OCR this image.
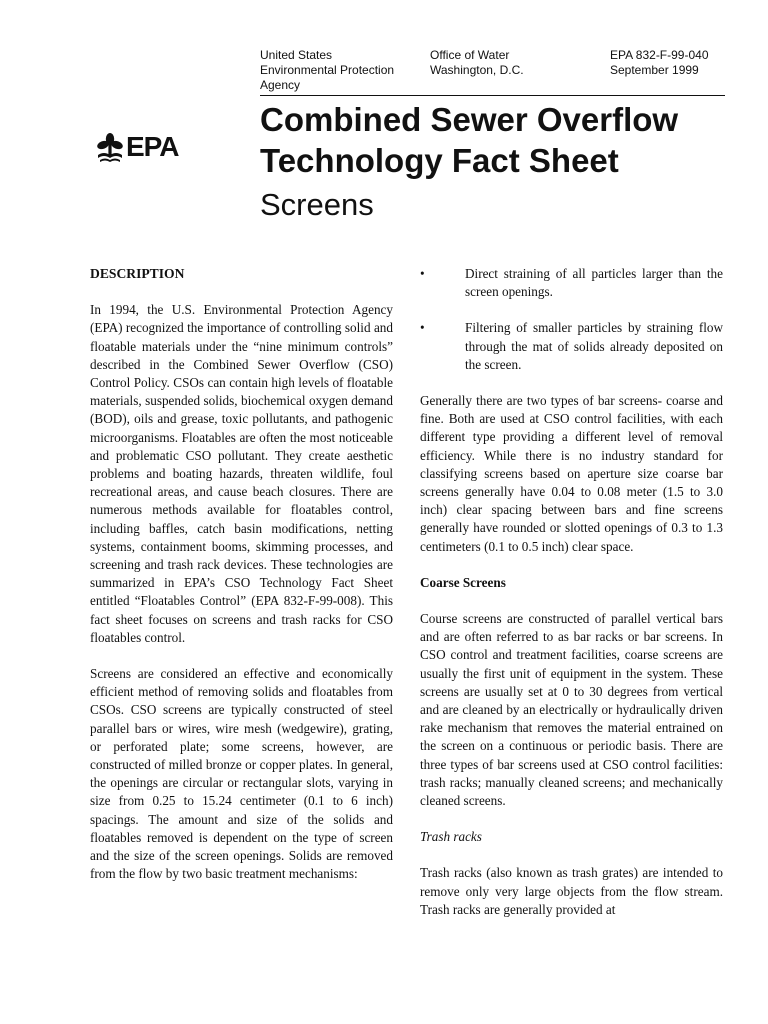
United States
Environmental Protection
Agency
Office of Water
Washington, D.C.
EPA 832-F-99-040
September 1999
EPA
Combined Sewer Overflow
Technology Fact Sheet
Screens
DESCRIPTION

In 1994, the U.S. Environmental Protection Agency (EPA) recognized the importance of controlling solid and floatable materials under the “nine minimum controls” described in the Combined Sewer Overflow (CSO) Control Policy. CSOs can contain high levels of floatable materials, suspended solids, biochemical oxygen demand (BOD), oils and grease, toxic pollutants, and pathogenic microorganisms. Floatables are often the most noticeable and problematic CSO pollutant. They create aesthetic problems and boating hazards, threaten wildlife, foul recreational areas, and cause beach closures. There are numerous methods available for floatables control, including baffles, catch basin modifications, netting systems, containment booms, skimming processes, and screening and trash rack devices. These technologies are summarized in EPA’s CSO Technology Fact Sheet entitled “Floatables Control” (EPA 832-F-99-008). This fact sheet focuses on screens and trash racks for CSO floatables control.

Screens are considered an effective and economically efficient method of removing solids and floatables from CSOs. CSO screens are typically constructed of steel parallel bars or wires, wire mesh (wedgewire), grating, or perforated plate; some screens, however, are constructed of milled bronze or copper plates. In general, the openings are circular or rectangular slots, varying in size from 0.25 to 15.24 centimeter (0.1 to 6 inch) spacings. The amount and size of the solids and floatables removed is dependent on the type of screen and the size of the screen openings. Solids are removed from the flow by two basic treatment mechanisms:

•	Direct straining of all particles larger than the screen openings.
•	Filtering of smaller particles by straining flow through the mat of solids already deposited on the screen.

Generally there are two types of bar screens- coarse and fine. Both are used at CSO control facilities, with each different type providing a different level of removal efficiency. While there is no industry standard for classifying screens based on aperture size coarse bar screens generally have 0.04 to 0.08 meter (1.5 to 3.0 inch) clear spacing between bars and fine screens generally have rounded or slotted openings of 0.3 to 1.3 centimeters (0.1 to 0.5 inch) clear space.

Coarse Screens

Course screens are constructed of parallel vertical bars and are often referred to as bar racks or bar screens. In CSO control and treatment facilities, coarse screens are usually the first unit of equipment in the system. These screens are usually set at 0 to 30 degrees from vertical and are cleaned by an electrically or hydraulically driven rake mechanism that removes the material entrained on the screen on a continuous or periodic basis. There are three types of bar screens used at CSO control facilities: trash racks; manually cleaned screens; and mechanically cleaned screens.

Trash racks

Trash racks (also known as trash grates) are intended to remove only very large objects from the flow stream. Trash racks are generally provided at
